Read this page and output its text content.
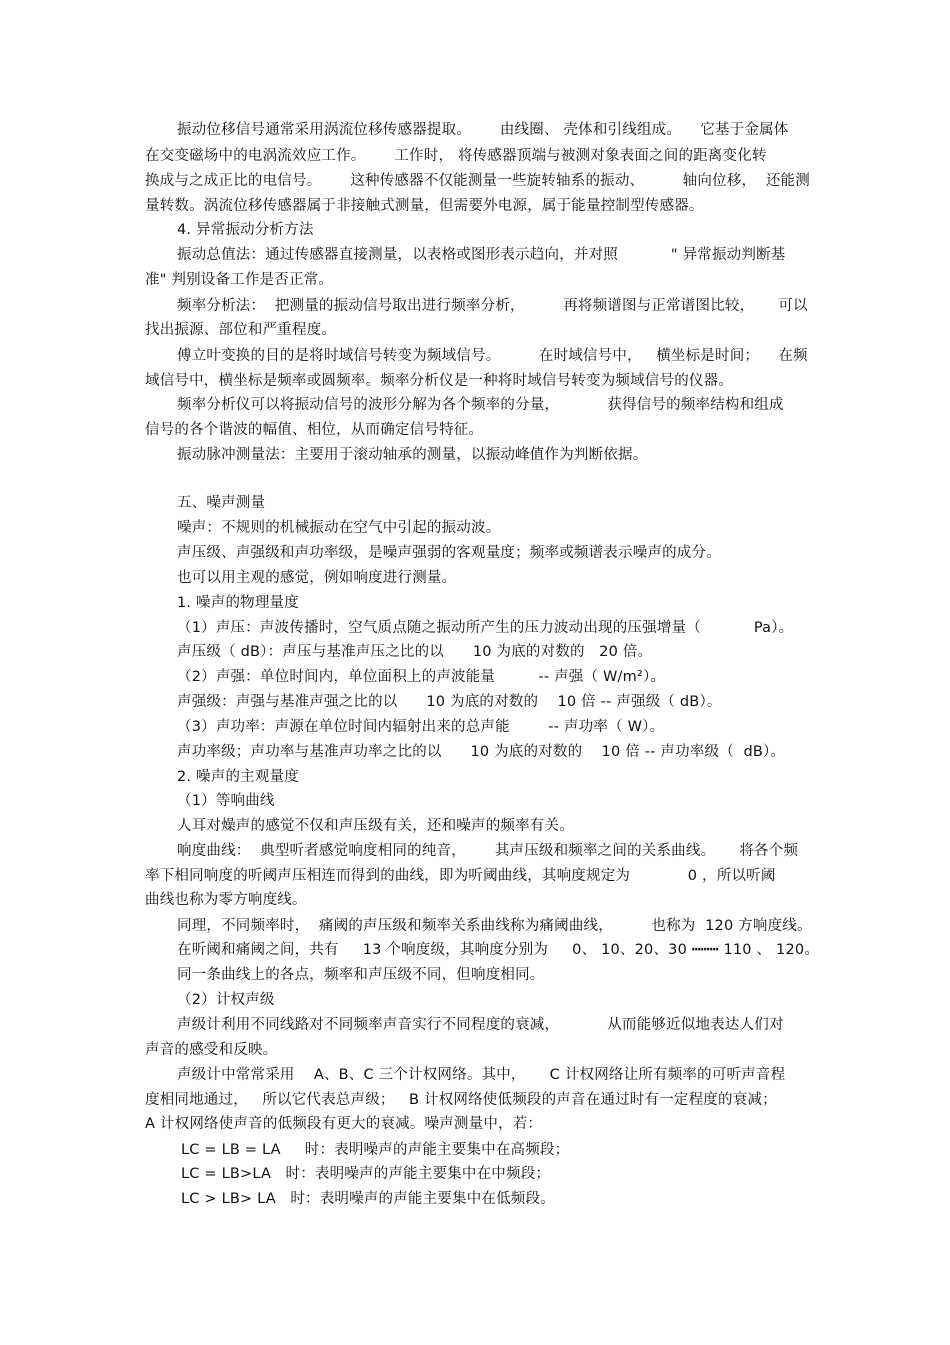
振动位移信号通常采用涡流位移传感器提取。      由线圈、 壳体和引线组成。    它基于金属体
在交变磁场中的电涡流效应工作。      工作时， 将传感器顶端与被测对象表面之间的距离变化转
换成与之成正比的电信号。      这种传感器不仅能测量一些旋转轴系的振动、        轴向位移，  还能测
量转数。涡流位移传感器属于非接触式测量，但需要外电源，属于能量控制型传感器。
4. 异常振动分析方法
振动总值法：通过传感器直接测量，以表格或图形表示趋向，并对照           " 异常振动判断基
准" 判别设备工作是否正常。
频率分析法：  把测量的振动信号取出进行频率分析，        再将频谱图与正常谱图比较，     可以
找出振源、部位和严重程度。
傅立叶变换的目的是将时域信号转变为频域信号。        在时域信号中，   横坐标是时间；    在频
域信号中，横坐标是频率或圆频率。频率分析仪是一种将时域信号转变为频域信号的仪器。
频率分析仪可以将振动信号的波形分解为各个频率的分量，          获得信号的频率结构和组成
信号的各个谐波的幅值、相位，从而确定信号特征。
振动脉冲测量法：主要用于滚动轴承的测量，以振动峰值作为判断依据。
五、噪声测量
噪声：不规则的机械振动在空气中引起的振动波。
声压级、声强级和声功率级，是噪声强弱的客观量度；频率或频谱表示噪声的成分。
也可以用主观的感觉，例如响度进行测量。
1. 噪声的物理量度
（1）声压：声波传播时，空气质点随之振动所产生的压力波动出现的压强增量（           Pa）。
声压级（ dB）：声压与基准声压之比的以      10 为底的对数的   20 倍。
（2）声强：单位时间内，单位面积上的声波能量         -- 声强（ W/m²）。
声强级：声强与基准声强之比的以      10 为底的对数的    10 倍 -- 声强级（ dB）。
（3）声功率：声源在单位时间内辐射出来的总声能        -- 声功率（ W）。
声功率级；声功率与基准声功率之比的以      10 为底的对数的    10 倍 -- 声功率级（  dB）。
2. 噪声的主观量度
（1）等响曲线
人耳对燥声的感觉不仅和声压级有关，还和噪声的频率有关。
响度曲线：  典型听者感觉响度相同的纯音，      其声压级和频率之间的关系曲线。     将各个频
率下相同响度的听阈声压相连而得到的曲线，即为听阈曲线，其响度规定为            0 ，所以听阈
曲线也称为零方响度线。
同理，不同频率时，  痛阈的声压级和频率关系曲线称为痛阈曲线，        也称为  120 方响度线。
在听阈和痛阈之间，共有     13 个响度级，其响度分别为     0、 10、20、30 ┅┅┅ 110 、 120。
同一条曲线上的各点，频率和声压级不同，但响度相同。
（2）计权声级
声级计利用不同线路对不同频率声音实行不同程度的衰减，          从而能够近似地表达人们对
声音的感受和反映。
声级计中常常采用    A、B、C 三个计权网络。其中，     C 计权网络让所有频率的可听声音程
度相同地通过，   所以它代表总声级；   B 计权网络使低频段的声音在通过时有一定程度的衰减；
A 计权网络使声音的低频段有更大的衰减。噪声测量中，若：
LC = LB = LA     时：表明噪声的声能主要集中在高频段；
LC = LB>LA   时：表明噪声的声能主要集中在中频段；
LC > LB> LA   时：表明噪声的声能主要集中在低频段。
